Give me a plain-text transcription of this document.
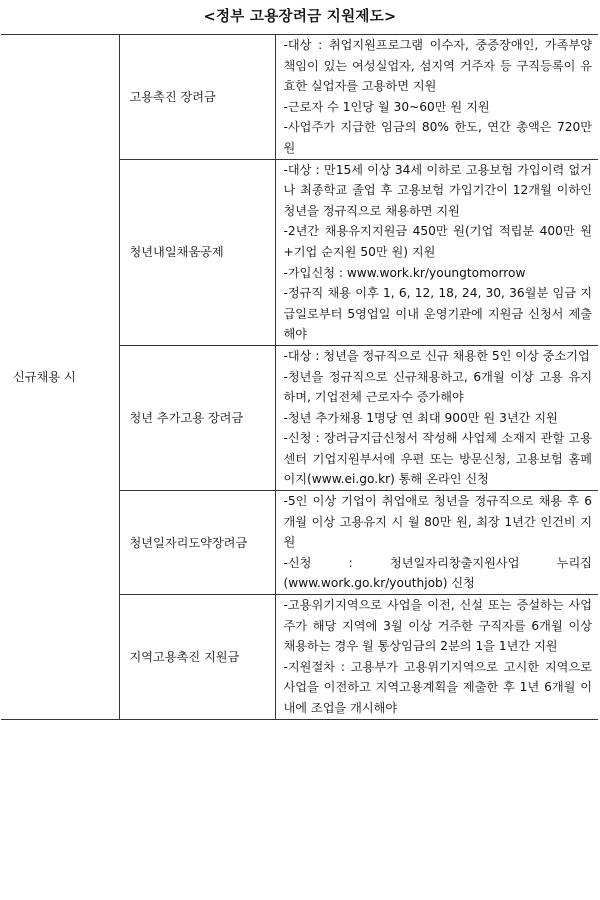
<정부 고용장려금 지원제도>
신규채용 시	고용촉진 장려금	-대상 : 취업지원프로그램 이수자, 중증장애인, 가족부양 책임이 있는 여성실업자, 섬지역 거주자 등 구직등록이 유효한 실업자를 고용하면 지원
-근로자 수 1인당 월 30~60만 원 지원
-사업주가 지급한 임금의 80% 한도, 연간 총액은 720만 원

	청년내일채움공제	-대상 : 만15세 이상 34세 이하로 고용보험 가입이력 없거나 최종학교 졸업 후 고용보험 가입기간이 12개월 이하인 청년을 정규직으로 채용하면 지원
-2년간 채용유지지원금 450만 원(기업 적립분 400만 원+기업 순지원 50만 원) 지원
-가입신청 : www.work.kr/youngtomorrow
-정규직 채용 이후 1, 6, 12, 18, 24, 30, 36월분 임금 지급일로부터 5영업일 이내 운영기관에 지원금 신청서 제출해야

	청년 추가고용 장려금	-대상 : 청년을 정규직으로 신규 채용한 5인 이상 중소기업
-청년을 정규직으로 신규채용하고, 6개월 이상 고용 유지하며, 기업전체 근로자수 증가해야
-청년 추가채용 1명당 연 최대 900만 원 3년간 지원
-신청 : 장려금지급신청서 작성해 사업체 소재지 관할 고용센터 기업지원부서에 우편 또는 방문신청, 고용보험 홈페이지(www.ei.go.kr) 통해 온라인 신청

	청년일자리도약장려금	-5인 이상 기업이 취업애로 청년을 정규직으로 채용 후 6개월 이상 고용유지 시 월 80만 원, 최장 1년간 인건비 지원
-신청 : 청년일자리창출지원사업 누리집(www.work.go.kr/youthjob) 신청

	지역고용촉진 지원금	-고용위기지역으로 사업을 이전, 신설 또는 증설하는 사업주가 해당 지역에 3월 이상 거주한 구직자를 6개월 이상 채용하는 경우 월 통상임금의 2분의 1을 1년간 지원
-지원절차 : 고용부가 고용위기지역으로 고시한 지역으로 사업을 이전하고 지역고용계획을 제출한 후 1년 6개월 이내에 조업을 개시해야
